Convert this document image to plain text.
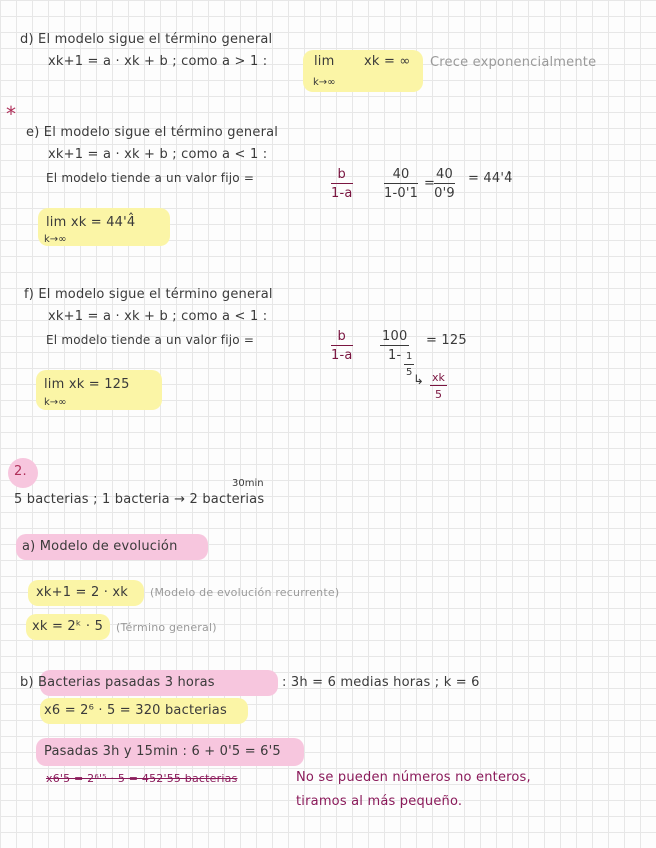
d) El modelo sigue el término general
xk+1 = a · xk + b ; como a > 1 :	lim
k→∞
xk = ∞ Crece exponencialmente
*
e) El modelo sigue el término general
xk+1 = a · xk + b ; como a < 1 :
El modelo tiende a un valor fijo =	$\frac{b}{1-a} \frac{40}{1-0'1}$ =
$\frac{40}{0'9}$ = 44'4̂
lim xk = 44'4̂
k→∞
f) El modelo sigue el término general
xk+1 = a · xk + b ; como a < 1 :
El modelo tiende a un valor fijo =	$\frac{b}{1-a} \frac{100}{1-}$
$\frac{1}{5}$
= 125
↳ $\frac{xk}{5}$
lim xk = 125
k→∞
2.
30min
5 bacterias ; 1 bacteria → 2 bacterias
a) Modelo de evolución
xk+1 = 2 · xk (Modelo de evolución recurrente)
xk = 2ᵏ · 5 (Término general)
b) Bacterias pasadas 3 horas	: 3h = 6 medias horas ; k = 6
x6 = 2⁶ · 5 = 320 bacterias
Pasadas 3h y 15min : 6 + 0'5 = 6'5
x6'5 = 2⁶'⁵ · 5 = 452'55 bacterias	No se pueden números no enteros,
tiramos al más pequeño.
